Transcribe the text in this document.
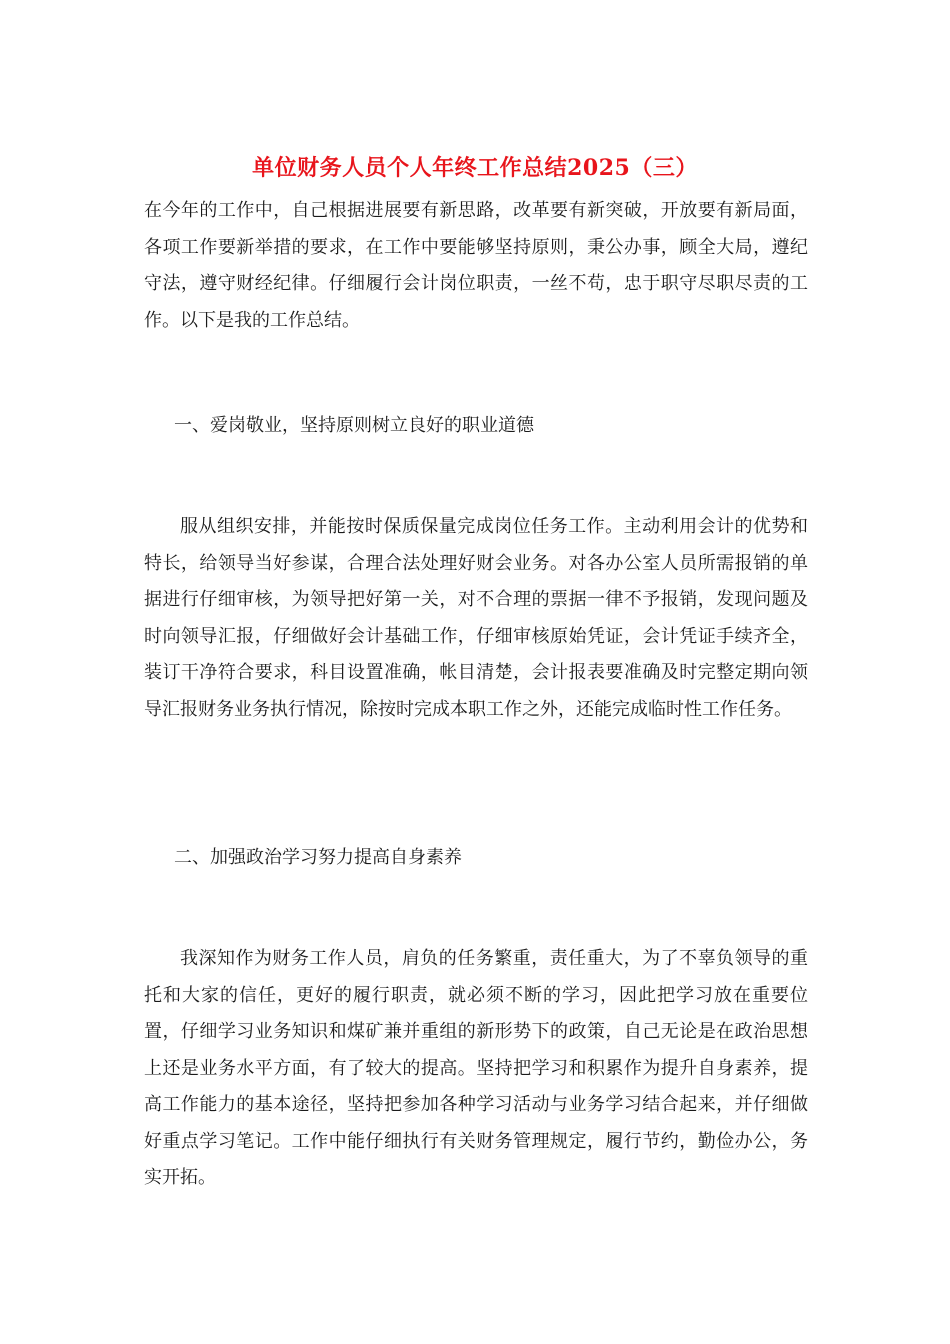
单位财务人员个人年终工作总结2025（三）

在今年的工作中，自己根据进展要有新思路，改革要有新突破，开放要有新局面，各项工作要新举措的要求，在工作中要能够坚持原则，秉公办事，顾全大局，遵纪守法，遵守财经纪律。仔细履行会计岗位职责，一丝不苟，忠于职守尽职尽责的工作。以下是我的工作总结。

一、爱岗敬业，坚持原则树立良好的职业道德

服从组织安排，并能按时保质保量完成岗位任务工作。主动利用会计的优势和特长，给领导当好参谋，合理合法处理好财会业务。对各办公室人员所需报销的单据进行仔细审核，为领导把好第一关，对不合理的票据一律不予报销，发现问题及时向领导汇报，仔细做好会计基础工作，仔细审核原始凭证，会计凭证手续齐全，装订干净符合要求，科目设置准确，帐目清楚，会计报表要准确及时完整定期向领导汇报财务业务执行情况，除按时完成本职工作之外，还能完成临时性工作任务。

二、加强政治学习努力提高自身素养

我深知作为财务工作人员，肩负的任务繁重，责任重大，为了不辜负领导的重托和大家的信任，更好的履行职责，就必须不断的学习，因此把学习放在重要位置，仔细学习业务知识和煤矿兼并重组的新形势下的政策，自己无论是在政治思想上还是业务水平方面，有了较大的提高。坚持把学习和积累作为提升自身素养，提高工作能力的基本途径，坚持把参加各种学习活动与业务学习结合起来，并仔细做好重点学习笔记。工作中能仔细执行有关财务管理规定，履行节约，勤俭办公，务实开拓。
